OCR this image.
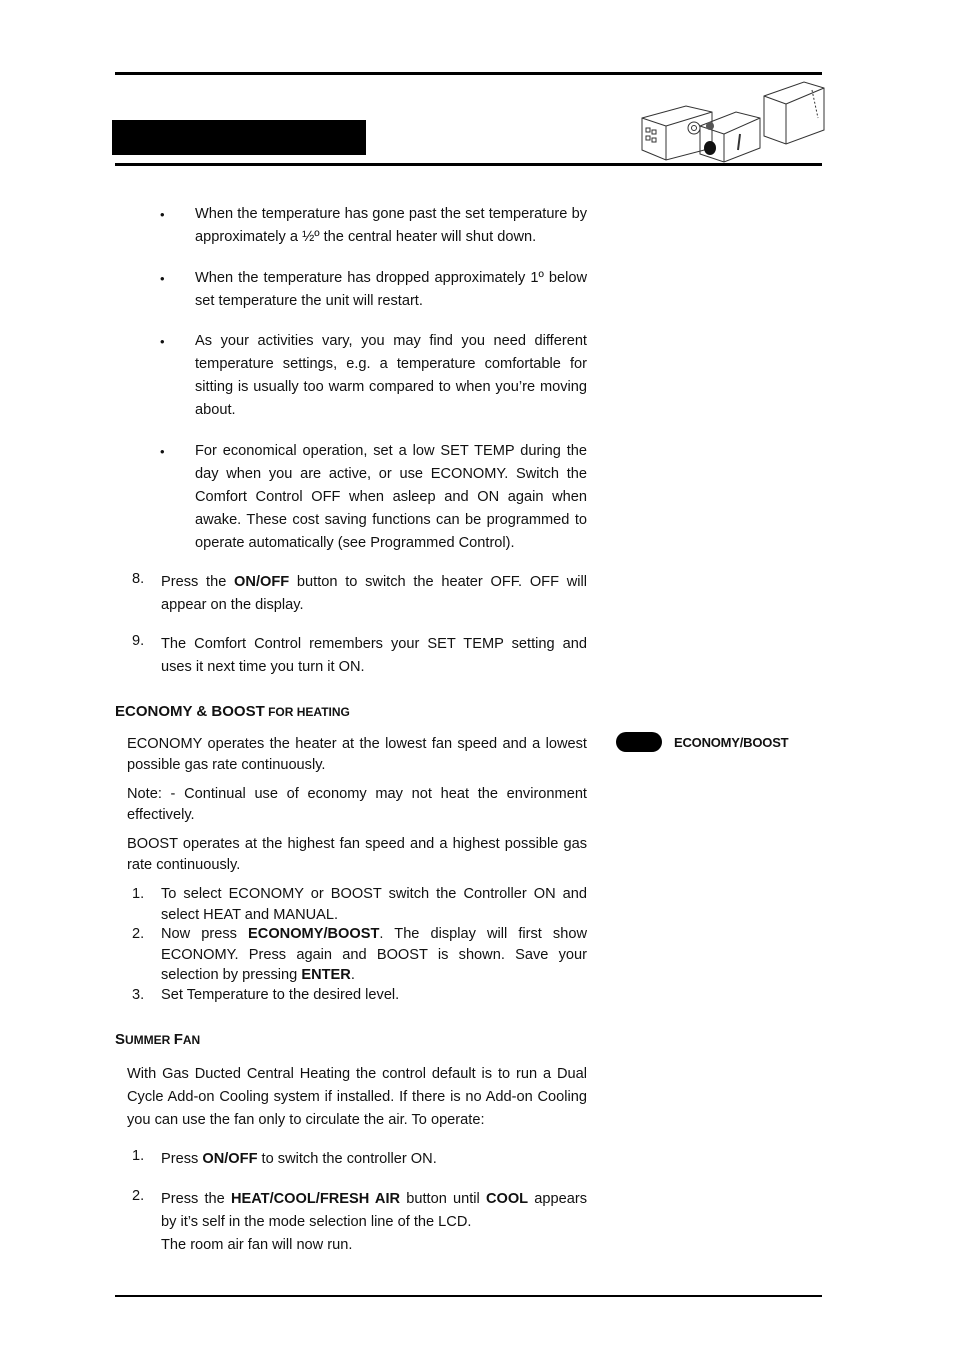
• When the temperature has gone past the set temperature by approximately a ½º the central heater will shut down.

• When the temperature has dropped approximately 1º below set temperature the unit will restart.

• As your activities vary, you may find you need different temperature settings, e.g. a temperature comfortable for sitting is usually too warm compared to when you’re moving about.

• For economical operation, set a low SET TEMP during the day when you are active, or use ECONOMY. Switch the Comfort Control OFF when asleep and ON again when awake. These cost saving functions can be programmed to operate automatically (see Programmed Control).

8. Press the ON/OFF button to switch the heater OFF. OFF will appear on the display.

9. The Comfort Control remembers your SET TEMP setting and uses it next time you turn it ON.

ECONOMY & BOOST FOR HEATING

ECONOMY operates the heater at the lowest fan speed and a lowest possible gas rate continuously.

Note: - Continual use of economy may not heat the environment effectively.

BOOST operates at the highest fan speed and a highest possible gas rate continuously.

1. To select ECONOMY or BOOST switch the Controller ON and select HEAT and MANUAL.

2. Now press ECONOMY/BOOST. The display will first show ECONOMY. Press again and BOOST is shown. Save your selection by pressing ENTER.

3. Set Temperature to the desired level.

ECONOMY/BOOST
SUMMER FAN

With Gas Ducted Central Heating the control default is to run a Dual Cycle Add-on Cooling system if installed. If there is no Add-on Cooling you can use the fan only to circulate the air. To operate:

1. Press ON/OFF to switch the controller ON.

2. Press the HEAT/COOL/FRESH AIR button until COOL appears by it’s self in the mode selection line of the LCD.

The room air fan will now run.
